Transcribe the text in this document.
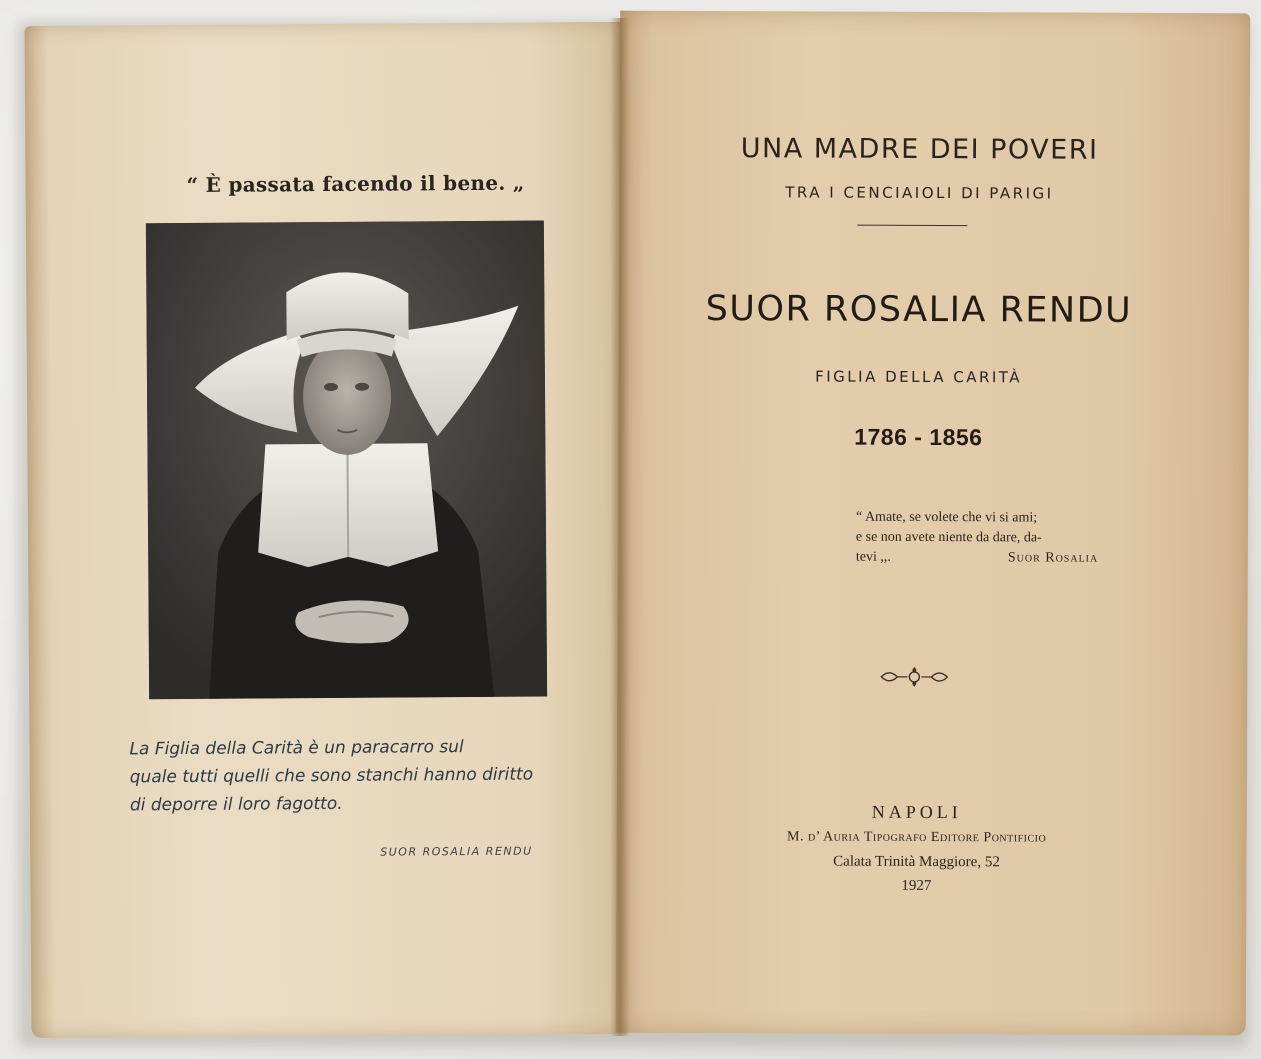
“ È passata facendo il bene. „
La Figlia della Carità è un paracarro sul
quale tutti quelli che sono stanchi hanno diritto
di deporre il loro fagotto.
SUOR ROSALIA RENDU
UNA MADRE DEI POVERI
TRA I CENCIAIOLI DI PARIGI
SUOR ROSALIA RENDU
FIGLIA DELLA CARITÀ
1786 - 1856
“ Amate, se volete che vi si ami;
e se non avete niente da dare, da-
tevi ,,.	Suor Rosalia
NAPOLI
M. d’ Auria Tipografo Editore Pontificio
Calata Trinità Maggiore, 52
1927
